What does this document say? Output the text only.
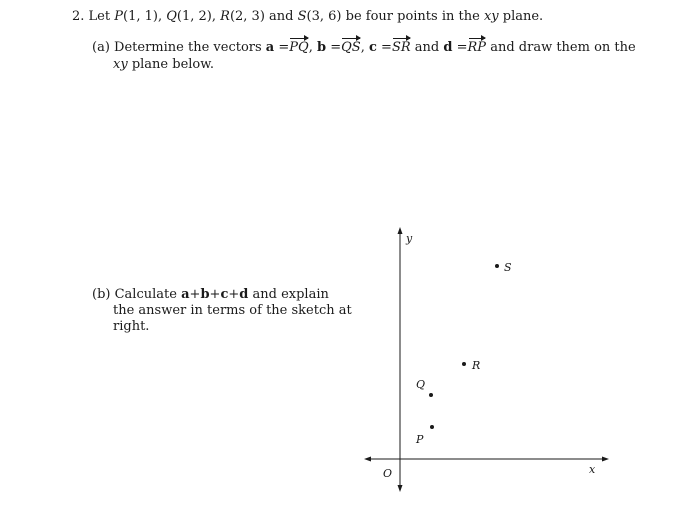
2. Let P(1, 1), Q(1, 2), R(2, 3) and S(3, 6) be four points in the xy plane.
(a) Determine the vectors a =PQ, b =QS, c =SR and d =RP and draw them on the
xy plane below.
(b) Calculate a+b+c+d and explain
the answer in terms of the sketch at
right.
y
x
O
P
Q
R
S
